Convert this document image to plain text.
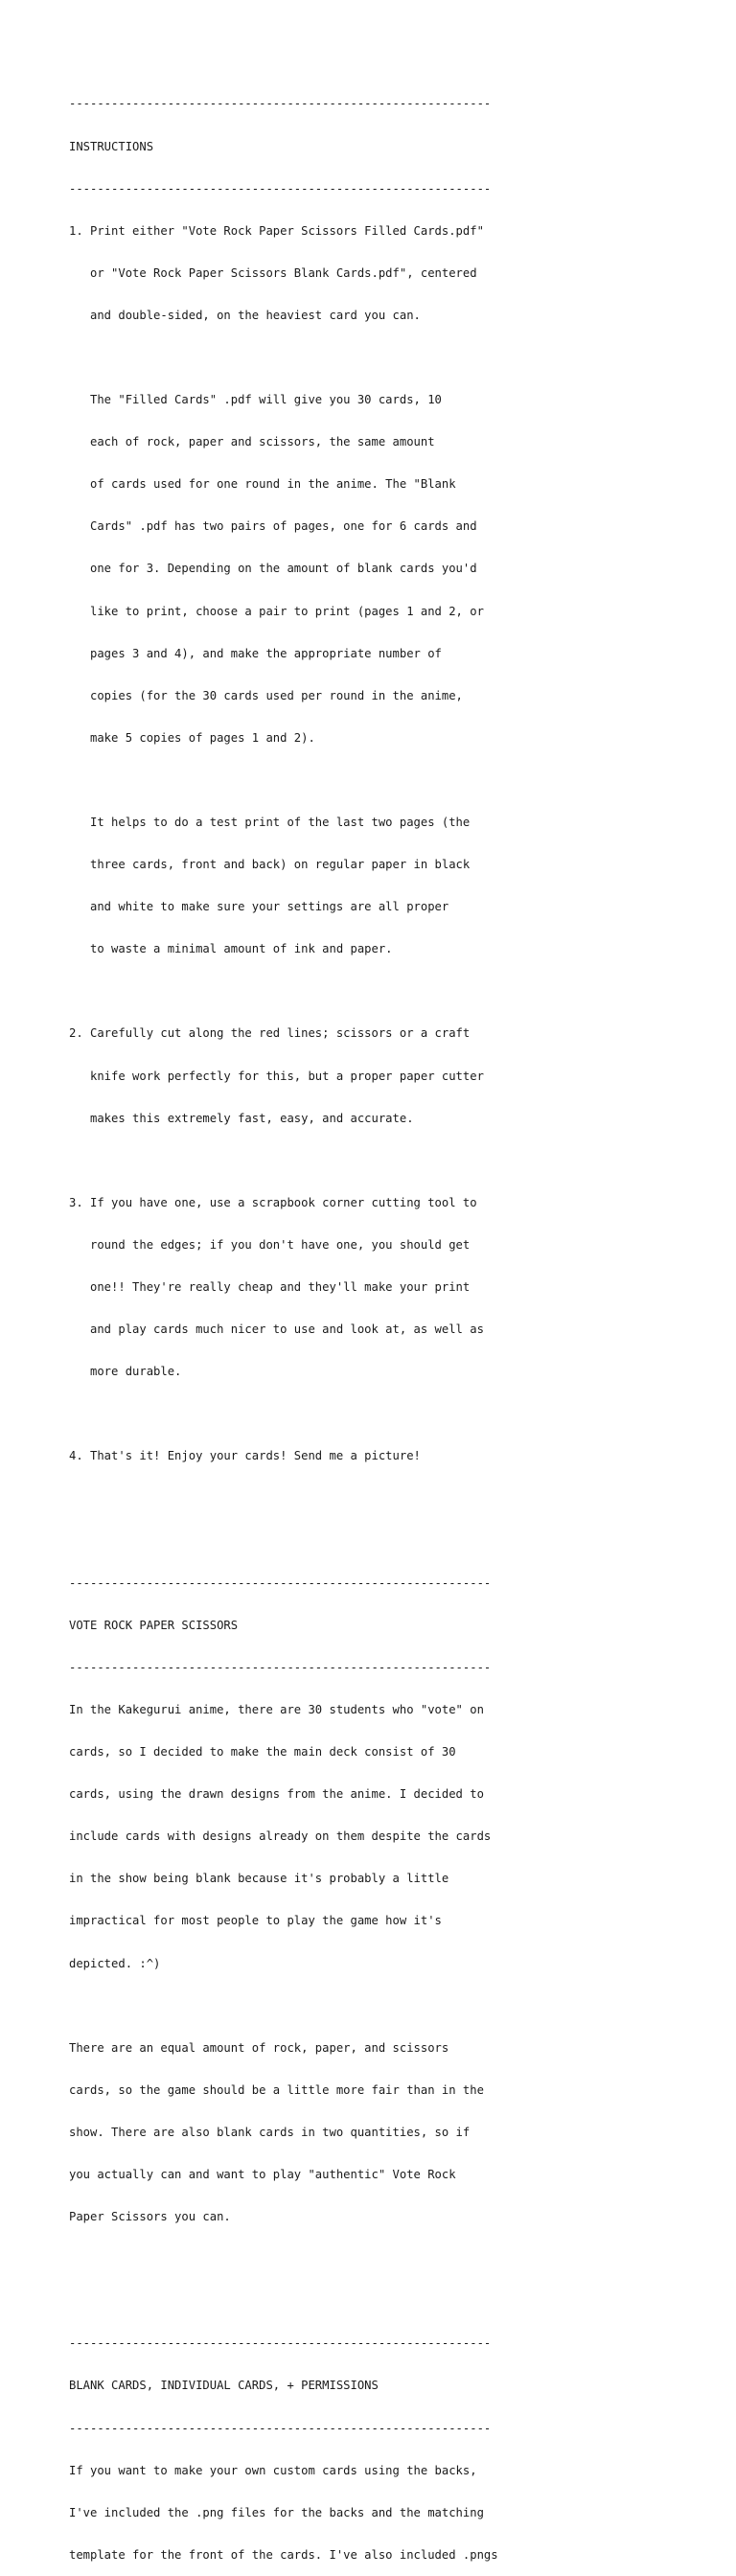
------------------------------------------------------------

INSTRUCTIONS

------------------------------------------------------------

1. Print either "Vote Rock Paper Scissors Filled Cards.pdf"

or "Vote Rock Paper Scissors Blank Cards.pdf", centered

and double-sided, on the heaviest card you can.

The "Filled Cards" .pdf will give you 30 cards, 10

each of rock, paper and scissors, the same amount

of cards used for one round in the anime. The "Blank

Cards" .pdf has two pairs of pages, one for 6 cards and

one for 3. Depending on the amount of blank cards you'd

like to print, choose a pair to print (pages 1 and 2, or

pages 3 and 4), and make the appropriate number of

copies (for the 30 cards used per round in the anime,

make 5 copies of pages 1 and 2).

It helps to do a test print of the last two pages (the

three cards, front and back) on regular paper in black

and white to make sure your settings are all proper

to waste a minimal amount of ink and paper.

2. Carefully cut along the red lines; scissors or a craft

knife work perfectly for this, but a proper paper cutter

makes this extremely fast, easy, and accurate.

3. If you have one, use a scrapbook corner cutting tool to

round the edges; if you don't have one, you should get

one!! They're really cheap and they'll make your print

and play cards much nicer to use and look at, as well as

more durable.

4. That's it! Enjoy your cards! Send me a picture!

------------------------------------------------------------

VOTE ROCK PAPER SCISSORS

------------------------------------------------------------

In the Kakegurui anime, there are 30 students who "vote" on

cards, so I decided to make the main deck consist of 30

cards, using the drawn designs from the anime. I decided to

include cards with designs already on them despite the cards

in the show being blank because it's probably a little

impractical for most people to play the game how it's

depicted. :^)

There are an equal amount of rock, paper, and scissors

cards, so the game should be a little more fair than in the

show. There are also blank cards in two quantities, so if

you actually can and want to play "authentic" Vote Rock

Paper Scissors you can.

------------------------------------------------------------

BLANK CARDS, INDIVIDUAL CARDS, + PERMISSIONS

------------------------------------------------------------

If you want to make your own custom cards using the backs,

I've included the .png files for the backs and the matching

template for the front of the cards. I've also included .pngs
